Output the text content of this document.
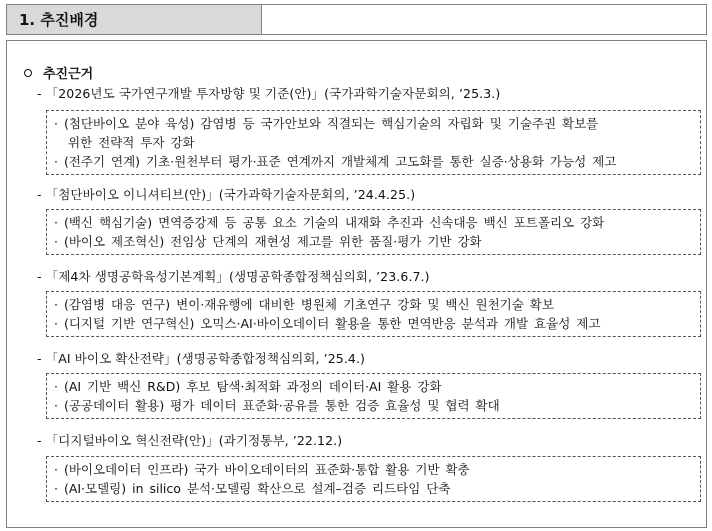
1. 추진배경
추진근거
- 「2026년도 국가연구개발 투자방향 및 기준(안)」(국가과학기술자문회의, ’25.3.)
· (첨단바이오 분야 육성) 감염병 등 국가안보와 직결되는 핵심기술의 자립화 및 기술주권 확보를
위한 전략적 투자 강화
· (전주기 연계) 기초·원천부터 평가·표준 연계까지 개발체계 고도화를 통한 실증·상용화 가능성 제고
- 「첨단바이오 이니셔티브(안)」(국가과학기술자문회의, ’24.4.25.)
· (백신 핵심기술) 면역증강제 등 공통 요소 기술의 내재화 추진과 신속대응 백신 포트폴리오 강화
· (바이오 제조혁신) 전임상 단계의 재현성 제고를 위한 품질·평가 기반 강화
- 「제4차 생명공학육성기본계획」(생명공학종합정책심의회, ’23.6.7.)
· (감염병 대응 연구) 변이·재유행에 대비한 병원체 기초연구 강화 및 백신 원천기술 확보
· (디지털 기반 연구혁신) 오믹스·AI·바이오데이터 활용을 통한 면역반응 분석과 개발 효율성 제고
- 「AI 바이오 확산전략」(생명공학종합정책심의회, ’25.4.)
· (AI 기반 백신 R&D) 후보 탐색·최적화 과정의 데이터·AI 활용 강화
· (공공데이터 활용) 평가 데이터 표준화·공유를 통한 검증 효율성 및 협력 확대
- 「디지털바이오 혁신전략(안)」(과기정통부, ’22.12.)
· (바이오데이터 인프라) 국가 바이오데이터의 표준화·통합 활용 기반 확충
· (AI·모델링) in silico 분석·모델링 확산으로 설계–검증 리드타임 단축
